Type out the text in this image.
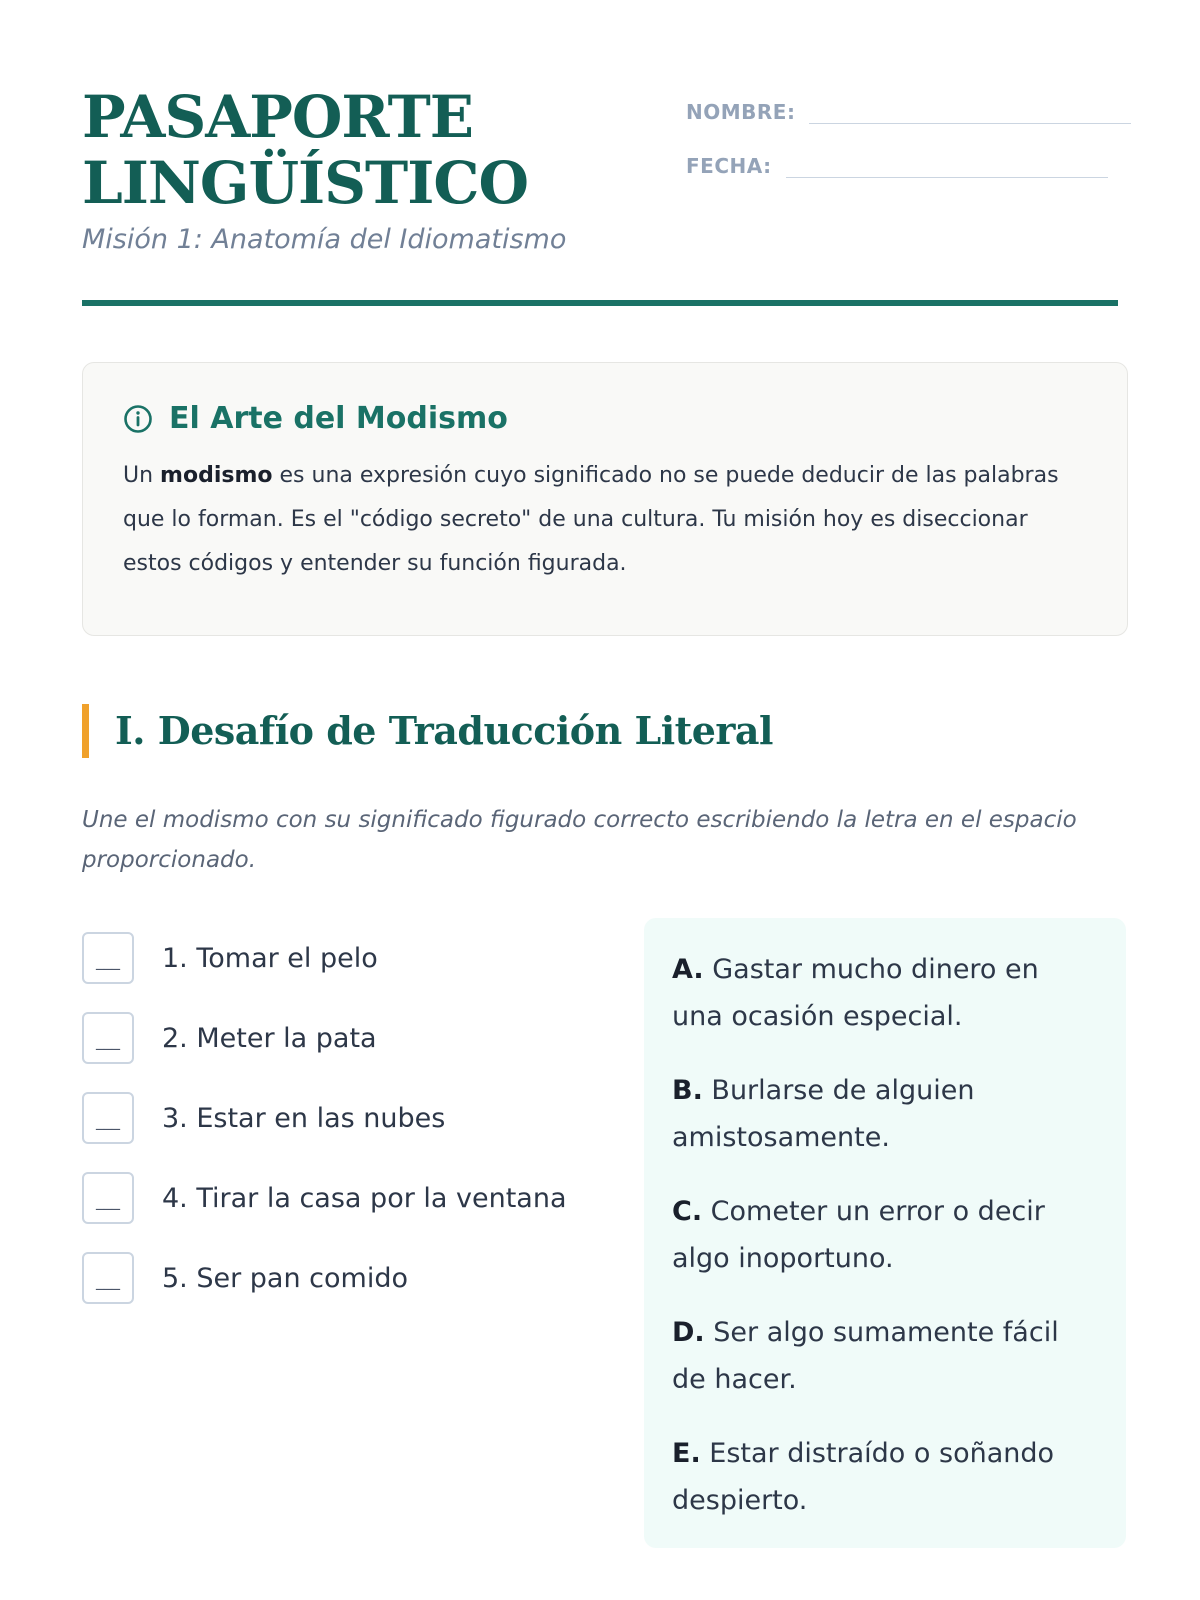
PASAPORTE
LINGÜÍSTICO
Misión 1: Anatomía del Idiomatismo
NOMBRE:
FECHA:
El Arte del Modismo

Un modismo es una expresión cuyo significado no se puede deducir de las palabras que lo forman. Es el "código secreto" de una cultura. Tu misión hoy es diseccionar estos códigos y entender su función figurada.

I. Desafío de Traducción Literal

Une el modismo con su significado figurado correcto escribiendo la letra en el espacio proporcionado.

___	1. Tomar el pelo
___	2. Meter la pata
___	3. Estar en las nubes
___	4. Tirar la casa por la ventana
___	5. Ser pan comido

A. Gastar mucho dinero en una ocasión especial.

B. Burlarse de alguien amistosamente.

C. Cometer un error o decir algo inoportuno.

D. Ser algo sumamente fácil de hacer.

E. Estar distraído o soñando despierto.
